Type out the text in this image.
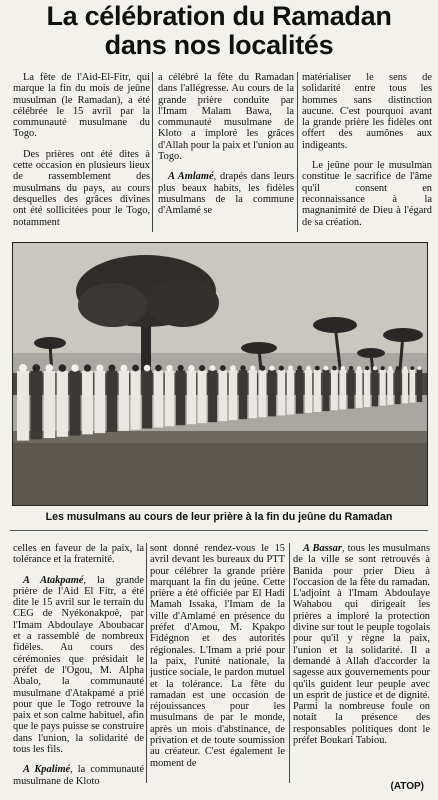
La célébration du Ramadan
dans nos localités

La fête de l'Aid-El-Fitr, qui marque la fin du mois de jeûne musulman (le Ramadan), a été célébrée le 15 avril par la communauté musulmane du Togo.

Des prières ont été dites à cette occasion en plusieurs lieux de rassemblement des musulmans du pays, au cours desquelles des grâces divines ont été sollicitées pour le Togo, notamment

a célébré la fête du Ramadan dans l'allégresse. Au cours de la grande prière conduite par l'Imam Malam Bawa, la communauté musulmane de Kloto a imploré les grâces d'Allah pour la paix et l'union au Togo.

A Amlamé, drapés dans leurs plus beaux habits, les fidèles musulmans de la commune d'Amlamé se

matérialiser le sens de solidarité entre tous les hommes sans distinction aucune. C'est pourquoi avant la grande prière les fidèles ont offert des aumônes aux indigeants.

Le jeûne pour le musulman constitue le sacrifice de l'âme qu'il consent en reconnaissance à la magnanimité de Dieu à l'égard de sa création.

Les musulmans au cours de leur prière à la fin du jeûne du Ramadan

celles en faveur de la paix, la tolérance et la fraternité.

A Atakpamé, la grande prière de l'Aid El Fitr, a été dite le 15 avril sur le terrain du CEG de Nyékonakpoè, par l'Imam Abdoulaye Aboubacar et a rassemblé de nombreux fidèles. Au cours des cérémonies que présidait le préfet de l'Ogou, M. Alpha Abalo, la communauté musulmane d'Atakpamé a prié pour que le Togo retrouve la paix et son calme habituel, afin que le pays puisse se construire dans l'union, la solidarité de tous les fils.

A Kpalimé, la communauté musulmane de Kloto

sont donné rendez-vous le 15 avril devant les bureaux du PTT pour célébrer la grande prière marquant la fin du jeûne. Cette prière a été officiée par El Hadi Mamah Issaka, l'Imam de la ville d'Amlamé en présence du préfet d'Amou, M. Kpakpo Fidégnon et des autorités régionales. L'Imam a prié pour la paix, l'unité nationale, la justice sociale, le pardon mutuel et la tolérance. La fête du ramadan est une occasion de réjouissances pour les musulmans de par le monde, après un mois d'abstinance, de privation et de toute soumission au créateur. C'est également le moment de

A Bassar, tous les musulmans de la ville se sont retrouvés à Banida pour prier Dieu à l'occasion de la fête du ramadan. L'adjoint à l'Imam Abdoulaye Wahabou qui dirigeait les prières a imploré la protection divine sur tout le peuple togolais pour qu'il y règne la paix, l'union et la solidarité. Il a demandé à Allah d'accorder la sagesse aux gouvernements pour qu'ils guident leur peuple avec un esprit de justice et de dignité. Parmi la nombreuse foule on notait la présence des responsables politiques dont le préfet Boukari Tabiou.

(ATOP)
